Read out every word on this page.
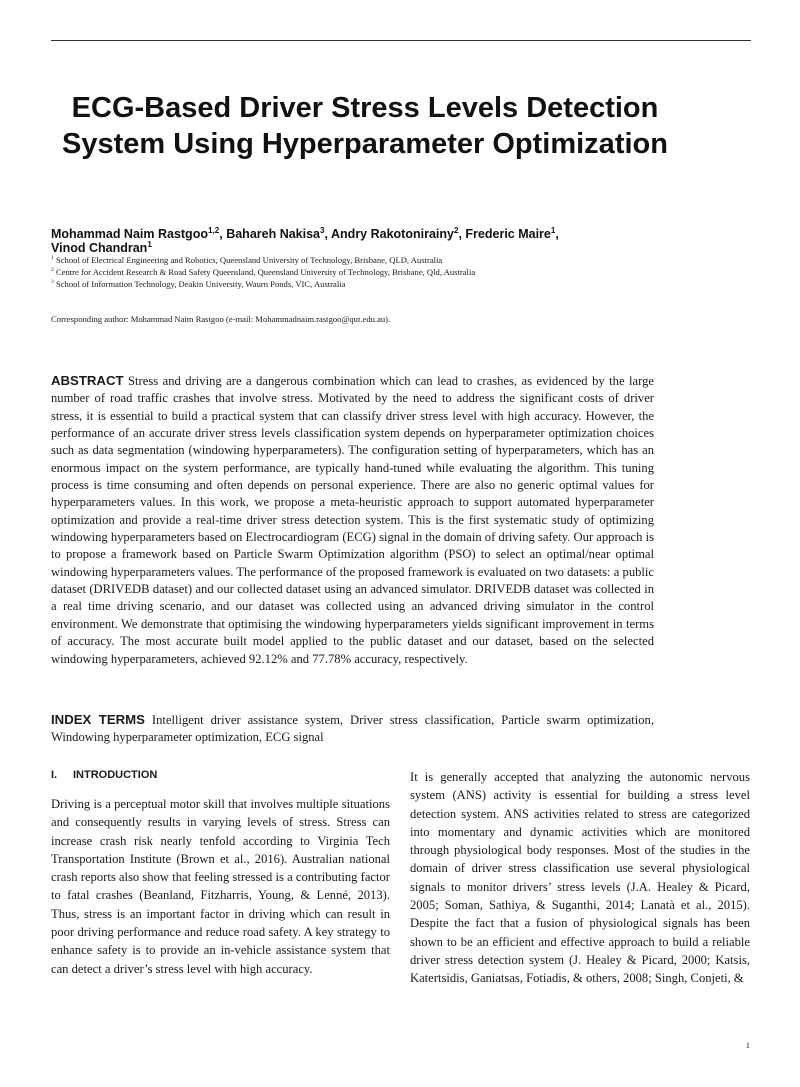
ECG-Based Driver Stress Levels Detection System Using Hyperparameter Optimization

Mohammad Naim Rastgoo$^{1,2}$, Bahareh Nakisa$^3$, Andry Rakotonirainy$^2$, Frederic Maire$^1$,
Vinod Chandran$^1$

$^1$ School of Electrical Engineering and Robotics, Queensland University of Technology, Brisbane, QLD, Australia

$^2$ Centre for Accident Research & Road Safety Queensland, Queensland University of Technology, Brisbane, Qld, Australia

$^3$ School of Information Technology, Deakin University, Waurn Ponds, VIC, Australia

Corresponding author: Mohammad Naim Rastgoo (e-mail: Mohammadnaim.rastgoo@qut.edu.au).

ABSTRACT Stress and driving are a dangerous combination which can lead to crashes, as evidenced by the large number of road traffic crashes that involve stress. Motivated by the need to address the significant costs of driver stress, it is essential to build a practical system that can classify driver stress level with high accuracy. However, the performance of an accurate driver stress levels classification system depends on hyperparameter optimization choices such as data segmentation (windowing hyperparameters). The configuration setting of hyperparameters, which has an enormous impact on the system performance, are typically hand-tuned while evaluating the algorithm. This tuning process is time consuming and often depends on personal experience. There are also no generic optimal values for hyperparameters values. In this work, we propose a meta-heuristic approach to support automated hyperparameter optimization and provide a real-time driver stress detection system. This is the first systematic study of optimizing windowing hyperparameters based on Electrocardiogram (ECG) signal in the domain of driving safety. Our approach is to propose a framework based on Particle Swarm Optimization algorithm (PSO) to select an optimal/near optimal windowing hyperparameters values. The performance of the proposed framework is evaluated on two datasets: a public dataset (DRIVEDB dataset) and our collected dataset using an advanced simulator. DRIVEDB dataset was collected in a real time driving scenario, and our dataset was collected using an advanced driving simulator in the control environment. We demonstrate that optimising the windowing hyperparameters yields significant improvement in terms of accuracy. The most accurate built model applied to the public dataset and our dataset, based on the selected windowing hyperparameters, achieved 92.12% and 77.78% accuracy, respectively.

INDEX TERMS Intelligent driver assistance system, Driver stress classification, Particle swarm optimization, Windowing hyperparameter optimization, ECG signal

I. INTRODUCTION

Driving is a perceptual motor skill that involves multiple situations and consequently results in varying levels of stress. Stress can increase crash risk nearly tenfold according to Virginia Tech Transportation Institute (Brown et al., 2016). Australian national crash reports also show that feeling stressed is a contributing factor to fatal crashes (Beanland, Fitzharris, Young, & Lenné, 2013). Thus, stress is an important factor in driving which can result in poor driving performance and reduce road safety. A key strategy to enhance safety is to provide an in-vehicle assistance system that can detect a driver’s stress level with high accuracy.

It is generally accepted that analyzing the autonomic nervous system (ANS) activity is essential for building a stress level detection system. ANS activities related to stress are categorized into momentary and dynamic activities which are monitored through physiological body responses. Most of the studies in the domain of driver stress classification use several physiological signals to monitor drivers’ stress levels (J.A. Healey & Picard, 2005; Soman, Sathiya, & Suganthi, 2014; Lanatà et al., 2015). Despite the fact that a fusion of physiological signals has been shown to be an efficient and effective approach to build a reliable driver stress detection system (J. Healey & Picard, 2000; Katsis, Katertsidis, Ganiatsas, Fotiadis, & others, 2008; Singh, Conjeti, &

1
